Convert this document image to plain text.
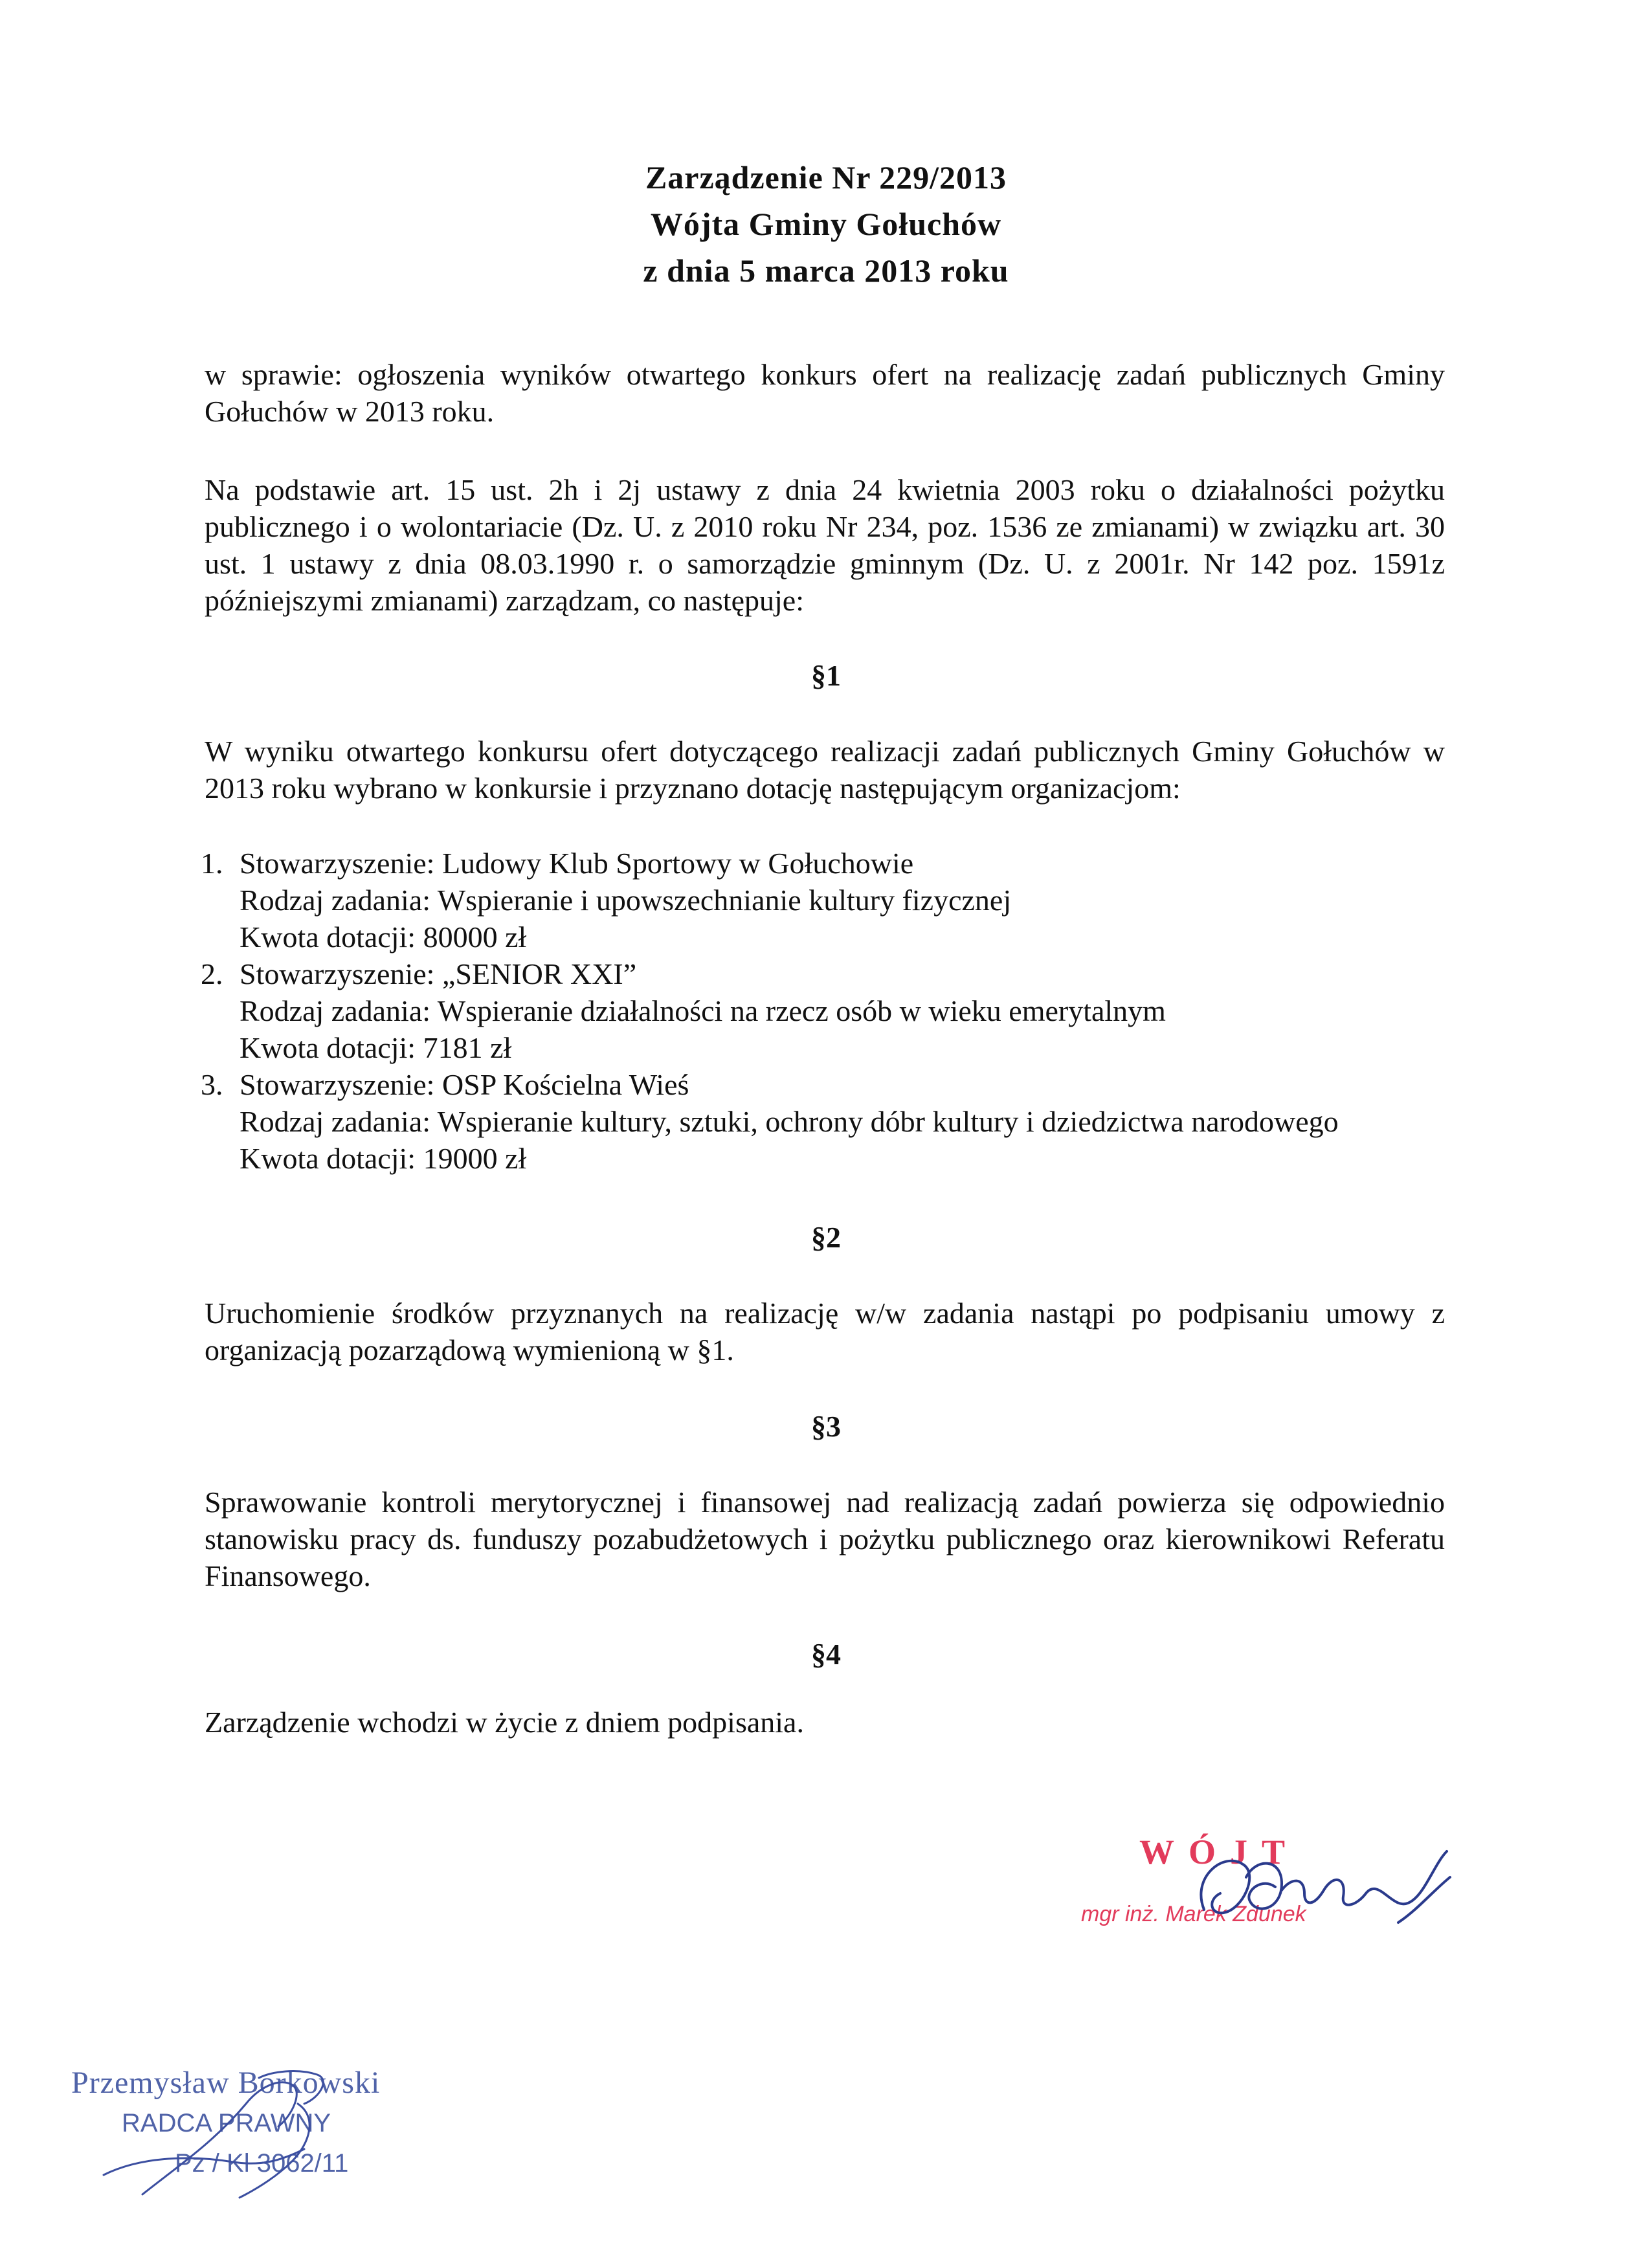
Zarządzenie Nr 229/2013
Wójta Gminy Gołuchów
z dnia 5 marca 2013 roku
w sprawie: ogłoszenia wyników otwartego konkurs ofert na realizację zadań publicznych Gminy Gołuchów w 2013 roku.
Na podstawie art. 15 ust. 2h i 2j ustawy z dnia 24 kwietnia 2003 roku o działalności pożytku publicznego i o wolontariacie (Dz. U. z 2010 roku Nr 234, poz. 1536 ze zmianami) w związku art. 30 ust. 1 ustawy z dnia 08.03.1990 r. o samorządzie gminnym (Dz. U. z 2001r. Nr 142 poz. 1591z późniejszymi zmianami) zarządzam, co następuje:
§1
W wyniku otwartego konkursu ofert dotyczącego realizacji zadań publicznych Gminy Gołuchów w 2013 roku wybrano w konkursie i przyznano dotację następującym organizacjom:
1. Stowarzyszenie: Ludowy Klub Sportowy w Gołuchowie
Rodzaj zadania: Wspieranie i upowszechnianie kultury fizycznej
Kwota dotacji: 80000 zł
2. Stowarzyszenie: „SENIOR XXI”
Rodzaj zadania: Wspieranie działalności na rzecz osób w wieku emerytalnym
Kwota dotacji: 7181 zł
3. Stowarzyszenie: OSP Kościelna Wieś
Rodzaj zadania: Wspieranie kultury, sztuki, ochrony dóbr kultury i dziedzictwa narodowego
Kwota dotacji: 19000 zł
§2
Uruchomienie środków przyznanych na realizację w/w zadania nastąpi po podpisaniu umowy z organizacją pozarządową wymienioną w §1.
§3
Sprawowanie kontroli merytorycznej i finansowej nad realizacją zadań powierza się odpowiednio stanowisku pracy ds. funduszy pozabudżetowych i pożytku publicznego oraz kierownikowi Referatu Finansowego.
§4
Zarządzenie wchodzi w życie z dniem podpisania.
WÓJT
mgr inż. Marek Zdunek
Przemysław Borkowski
RADCA PRAWNY
Pz / Kl 3062/11
